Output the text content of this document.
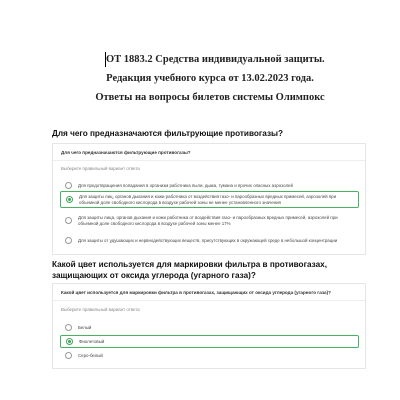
ОТ 1883.2 Средства индивидуальной защиты.
Редакция учебного курса от 13.02.2023 года.
Ответы на вопросы билетов системы Олимпокс
Для чего предназначаются фильтрующие противогазы?
Для чего предназначаются фильтрующие противогазы?
Выберите правильный вариант ответа
Для предотвращения попадания в организм работника пыли, дыма, тумана и прочих опасных аэрозолей
Для защиты лиц, органов дыхания и кожи работника от воздействия газо- и парообразных вредных примесей, аэрозолей при объемной доле свободного кислорода в воздухе рабочей зоны не менее установленного значения
Для защиты лица, органов дыхания и кожи работника от воздействия газо- и парообразных вредных примесей, аэрозолей при объемной доле свободного кислорода в воздухе рабочей зоны менее 17%
Для защиты от удушающих и нервнодействующих веществ, присутствующих в окружающей среде в небольшой концентрации
Какой цвет используется для маркировки фильтра в противогазах, защищающих от оксида углерода (угарного газа)?
Какой цвет используется для маркировки фильтра в противогазах, защищающих от оксида углерода (угарного газа)?
Выберите правильный вариант ответа
Белый
Фиолетовый
Серо-белый
